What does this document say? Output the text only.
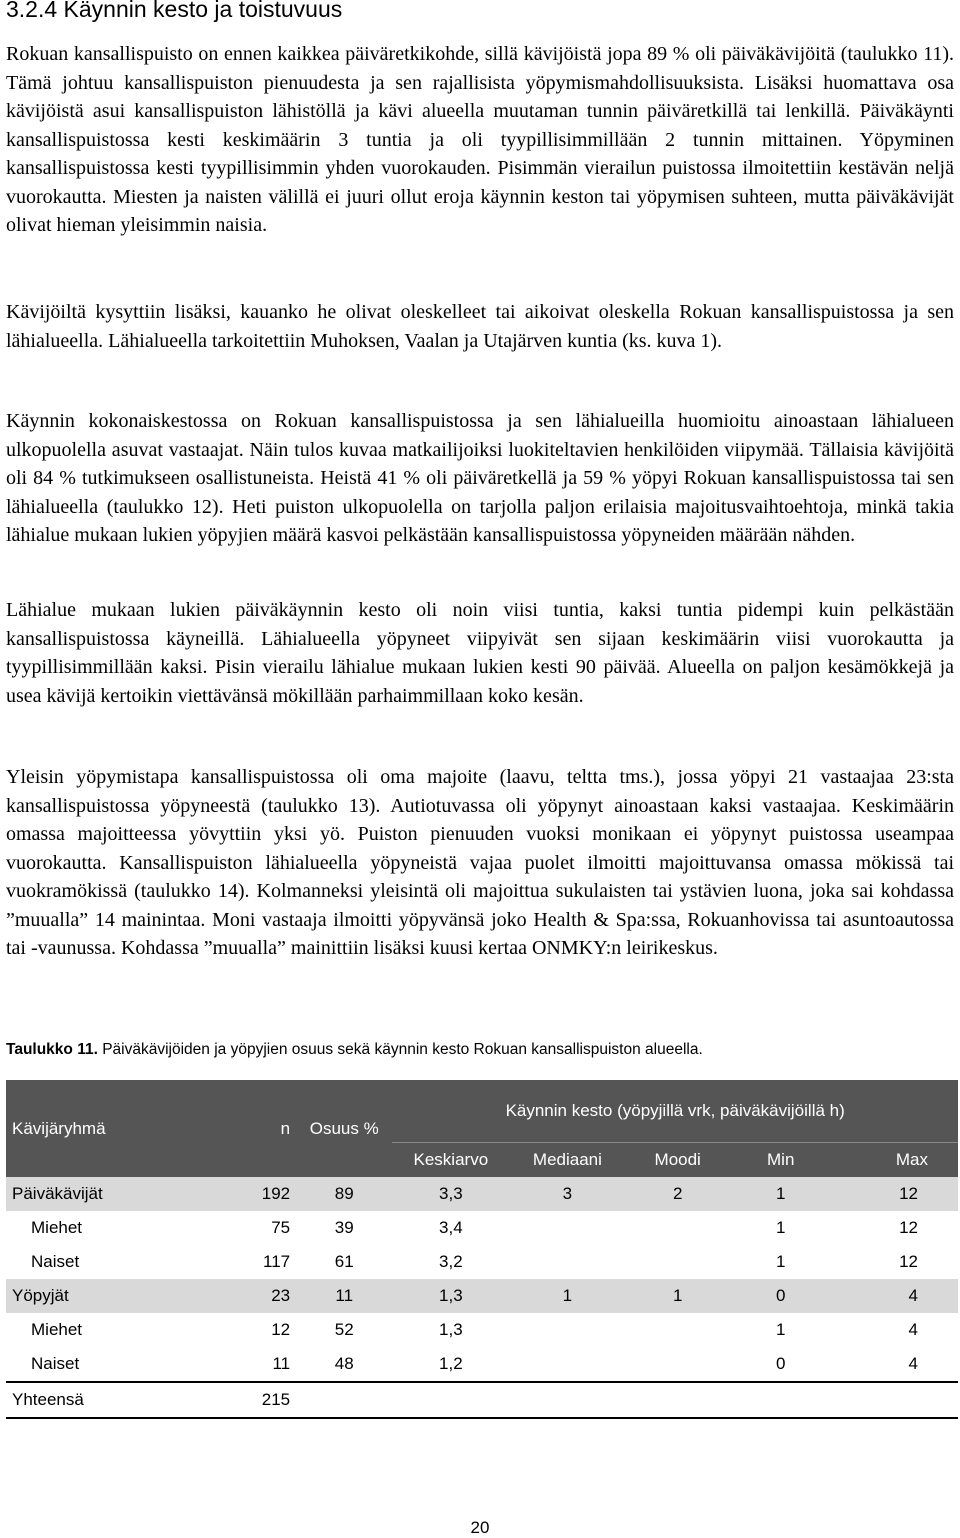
3.2.4 Käynnin kesto ja toistuvuus

Rokuan kansallispuisto on ennen kaikkea päiväretkikohde, sillä kävijöistä jopa 89 % oli päiväkävijöitä (taulukko 11). Tämä johtuu kansallispuiston pienuudesta ja sen rajallisista yöpymismahdollisuuksista. Lisäksi huomattava osa kävijöistä asui kansallispuiston lähistöllä ja kävi alueella muutaman tunnin päiväretkillä tai lenkillä. Päiväkäynti kansallispuistossa kesti keskimäärin 3 tuntia ja oli tyypillisimmillään 2 tunnin mittainen. Yöpyminen kansallispuistossa kesti tyypillisimmin yhden vuorokauden. Pisimmän vierailun puistossa ilmoitettiin kestävän neljä vuorokautta. Miesten ja naisten välillä ei juuri ollut eroja käynnin keston tai yöpymisen suhteen, mutta päiväkävijät olivat hieman yleisimmin naisia.

Kävijöiltä kysyttiin lisäksi, kauanko he olivat oleskelleet tai aikoivat oleskella Rokuan kansallispuistossa ja sen lähialueella. Lähialueella tarkoitettiin Muhoksen, Vaalan ja Utajärven kuntia (ks. kuva 1).

Käynnin kokonaiskestossa on Rokuan kansallispuistossa ja sen lähialueilla huomioitu ainoastaan lähialueen ulkopuolella asuvat vastaajat. Näin tulos kuvaa matkailijoiksi luokiteltavien henkilöiden viipymää. Tällaisia kävijöitä oli 84 % tutkimukseen osallistuneista. Heistä 41 % oli päiväretkellä ja 59 % yöpyi Rokuan kansallispuistossa tai sen lähialueella (taulukko 12). Heti puiston ulkopuolella on tarjolla paljon erilaisia majoitusvaihtoehtoja, minkä takia lähialue mukaan lukien yöpyjien määrä kasvoi pelkästään kansallispuistossa yöpyneiden määrään nähden.

Lähialue mukaan lukien päiväkäynnin kesto oli noin viisi tuntia, kaksi tuntia pidempi kuin pelkästään kansallispuistossa käyneillä. Lähialueella yöpyneet viipyivät sen sijaan keskimäärin viisi vuorokautta ja tyypillisimmillään kaksi. Pisin vierailu lähialue mukaan lukien kesti 90 päivää. Alueella on paljon kesämökkejä ja usea kävijä kertoikin viettävänsä mökillään parhaimmillaan koko kesän.

Yleisin yöpymistapa kansallispuistossa oli oma majoite (laavu, teltta tms.), jossa yöpyi 21 vastaajaa 23:sta kansallispuistossa yöpyneestä (taulukko 13). Autiotuvassa oli yöpynyt ainoastaan kaksi vastaajaa. Keskimäärin omassa majoitteessa yövyttiin yksi yö. Puiston pienuuden vuoksi monikaan ei yöpynyt puistossa useampaa vuorokautta. Kansallispuiston lähialueella yöpyneistä vajaa puolet ilmoitti majoittuvansa omassa mökissä tai vuokramökissä (taulukko 14). Kolmanneksi yleisintä oli majoittua sukulaisten tai ystävien luona, joka sai kohdassa ”muualla” 14 mainintaa. Moni vastaaja ilmoitti yöpyvänsä joko Health & Spa:ssa, Rokuanhovissa tai asuntoautossa tai -vaunussa. Kohdassa ”muualla” mainittiin lisäksi kuusi kertaa ONMKY:n leirikeskus.

Taulukko 11. Päiväkävijöiden ja yöpyjien osuus sekä käynnin kesto Rokuan kansallispuiston alueella.
Kävijäryhmä	n	Osuus %	Käynnin kesto (yöpyjillä vrk, päiväkävijöillä h)				
			Keskiarvo	Mediaani	Moodi	Min	Max
Päiväkävijät	192	89	3,3	3	2	1	12
Miehet	75	39	3,4			1	12
Naiset	117	61	3,2			1	12
Yöpyjät	23	11	1,3	1	1	0	4
Miehet	12	52	1,3			1	4
Naiset	11	48	1,2			0	4
Yhteensä	215						
20
